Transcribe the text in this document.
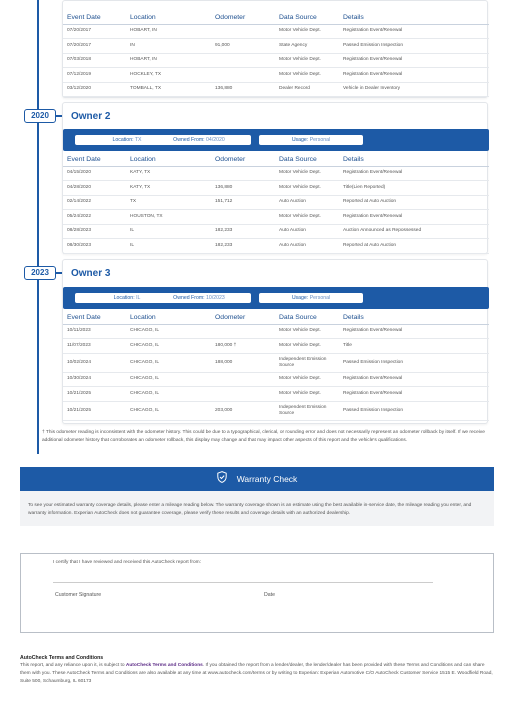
Event Date	Location	Odometer	Data Source	Details
07/20/2017	HOBART, IN		Motor Vehicle Dept.	Registration Event/Renewal
07/20/2017	IN	91,000	State Agency	Passed Emission Inspection
07/03/2018	HOBART, IN		Motor Vehicle Dept.	Registration Event/Renewal
07/12/2019	HOCKLEY, TX		Motor Vehicle Dept.	Registration Event/Renewal
03/12/2020	TOMBALL, TX	136,880	Dealer Record	Vehicle in Dealer Inventory
2020	Owner 2
Location: TX	Owned From: 04/2020	Usage: Personal
Event Date	Location	Odometer	Data Source	Details
04/15/2020	KATY, TX		Motor Vehicle Dept.	Registration Event/Renewal
04/28/2020	KATY, TX	136,880	Motor Vehicle Dept.	Title(Lien Reported)
02/14/2022	TX	151,712	Auto Auction	Reported at Auto Auction
05/24/2022	HOUSTON, TX		Motor Vehicle Dept.	Registration Event/Renewal
08/28/2023	IL	182,233	Auto Auction	Auction Announced as Repossessed
08/30/2023	IL	182,233	Auto Auction	Reported at Auto Auction
2023	Owner 3
Location: IL	Owned From: 10/2023	Usage: Personal
Event Date	Location	Odometer	Data Source	Details
10/11/2023	CHICAGO, IL		Motor Vehicle Dept.	Registration Event/Renewal
11/07/2023	CHICAGO, IL	180,000 †	Motor Vehicle Dept.	Title
10/02/2024	CHICAGO, IL	188,000	Independent Emission Source	Passed Emission Inspection
10/30/2024	CHICAGO, IL		Motor Vehicle Dept.	Registration Event/Renewal
10/21/2025	CHICAGO, IL		Motor Vehicle Dept.	Registration Event/Renewal
10/21/2025	CHICAGO, IL	203,000	Independent Emission Source	Passed Emission Inspection
† This odometer reading is inconsistent with the odometer history. This could be due to a typographical, clerical, or rounding error and does not necessarily represent an odometer rollback by itself. If we receive additional odometer history that corroborates an odometer rollback, this display may change and that may impact other aspects of this report and the vehicle's qualifications.
Warranty Check
To see your estimated warranty coverage details, please enter a mileage reading below. The warranty coverage shown is an estimate using the best available in-service date, the mileage reading you enter, and warranty information. Experian AutoCheck does not guarantee coverage, please verify these results and coverage details with an authorized dealership.
I certify that I have reviewed and received this AutoCheck report from:
Customer Signature	Date
AutoCheck Terms and Conditions
This report, and any reliance upon it, is subject to AutoCheck Terms and Conditions. If you obtained the report from a lender/dealer, the lender/dealer has been provided with these Terms and Conditions and can share them with you. These AutoCheck Terms and Conditions are also available at any time at www.autocheck.com/terms or by writing to Experian: Experian Automotive C/O AutoCheck Customer Service 1515 E. Woodfield Road, Suite 500, Schaumburg, IL 60173
